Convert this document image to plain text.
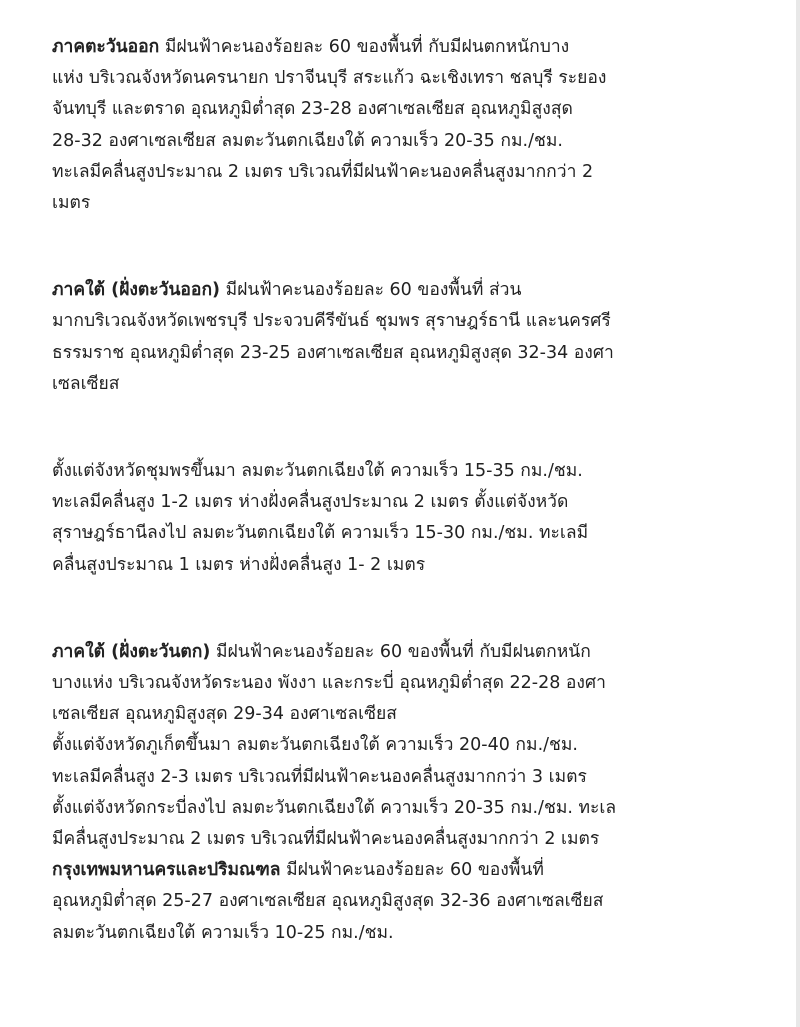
ภาคตะวันออก มีฝนฟ้าคะนองร้อยละ 60 ของพื้นที่ กับมีฝนตกหนักบาง
แห่ง บริเวณจังหวัดนครนายก ปราจีนบุรี สระแก้ว ฉะเชิงเทรา ชลบุรี ระยอง
จันทบุรี และตราด อุณหภูมิต่ำสุด 23-28 องศาเซลเซียส อุณหภูมิสูงสุด
28-32 องศาเซลเซียส ลมตะวันตกเฉียงใต้ ความเร็ว 20-35 กม./ชม.
ทะเลมีคลื่นสูงประมาณ 2 เมตร บริเวณที่มีฝนฟ้าคะนองคลื่นสูงมากกว่า 2
เมตร

ภาคใต้ (ฝั่งตะวันออก) มีฝนฟ้าคะนองร้อยละ 60 ของพื้นที่ ส่วน
มากบริเวณจังหวัดเพชรบุรี ประจวบคีรีขันธ์ ชุมพร สุราษฎร์ธานี และนครศรี
ธรรมราช อุณหภูมิต่ำสุด 23-25 องศาเซลเซียส อุณหภูมิสูงสุด 32-34 องศา
เซลเซียส

ตั้งแต่จังหวัดชุมพรขึ้นมา ลมตะวันตกเฉียงใต้ ความเร็ว 15-35 กม./ชม.
ทะเลมีคลื่นสูง 1-2 เมตร ห่างฝั่งคลื่นสูงประมาณ 2 เมตร ตั้งแต่จังหวัด
สุราษฎร์ธานีลงไป ลมตะวันตกเฉียงใต้ ความเร็ว 15-30 กม./ชม. ทะเลมี
คลื่นสูงประมาณ 1 เมตร ห่างฝั่งคลื่นสูง 1- 2 เมตร

ภาคใต้ (ฝั่งตะวันตก) มีฝนฟ้าคะนองร้อยละ 60 ของพื้นที่ กับมีฝนตกหนัก
บางแห่ง บริเวณจังหวัดระนอง พังงา และกระบี่ อุณหภูมิต่ำสุด 22-28 องศา
เซลเซียส อุณหภูมิสูงสุด 29-34 องศาเซลเซียส
ตั้งแต่จังหวัดภูเก็ตขึ้นมา ลมตะวันตกเฉียงใต้ ความเร็ว 20-40 กม./ชม.
ทะเลมีคลื่นสูง 2-3 เมตร บริเวณที่มีฝนฟ้าคะนองคลื่นสูงมากกว่า 3 เมตร
ตั้งแต่จังหวัดกระบี่ลงไป ลมตะวันตกเฉียงใต้ ความเร็ว 20-35 กม./ชม. ทะเล
มีคลื่นสูงประมาณ 2 เมตร บริเวณที่มีฝนฟ้าคะนองคลื่นสูงมากกว่า 2 เมตร
กรุงเทพมหานครและปริมณฑล มีฝนฟ้าคะนองร้อยละ 60 ของพื้นที่
อุณหภูมิต่ำสุด 25-27 องศาเซลเซียส อุณหภูมิสูงสุด 32-36 องศาเซลเซียส
ลมตะวันตกเฉียงใต้ ความเร็ว 10-25 กม./ชม.
